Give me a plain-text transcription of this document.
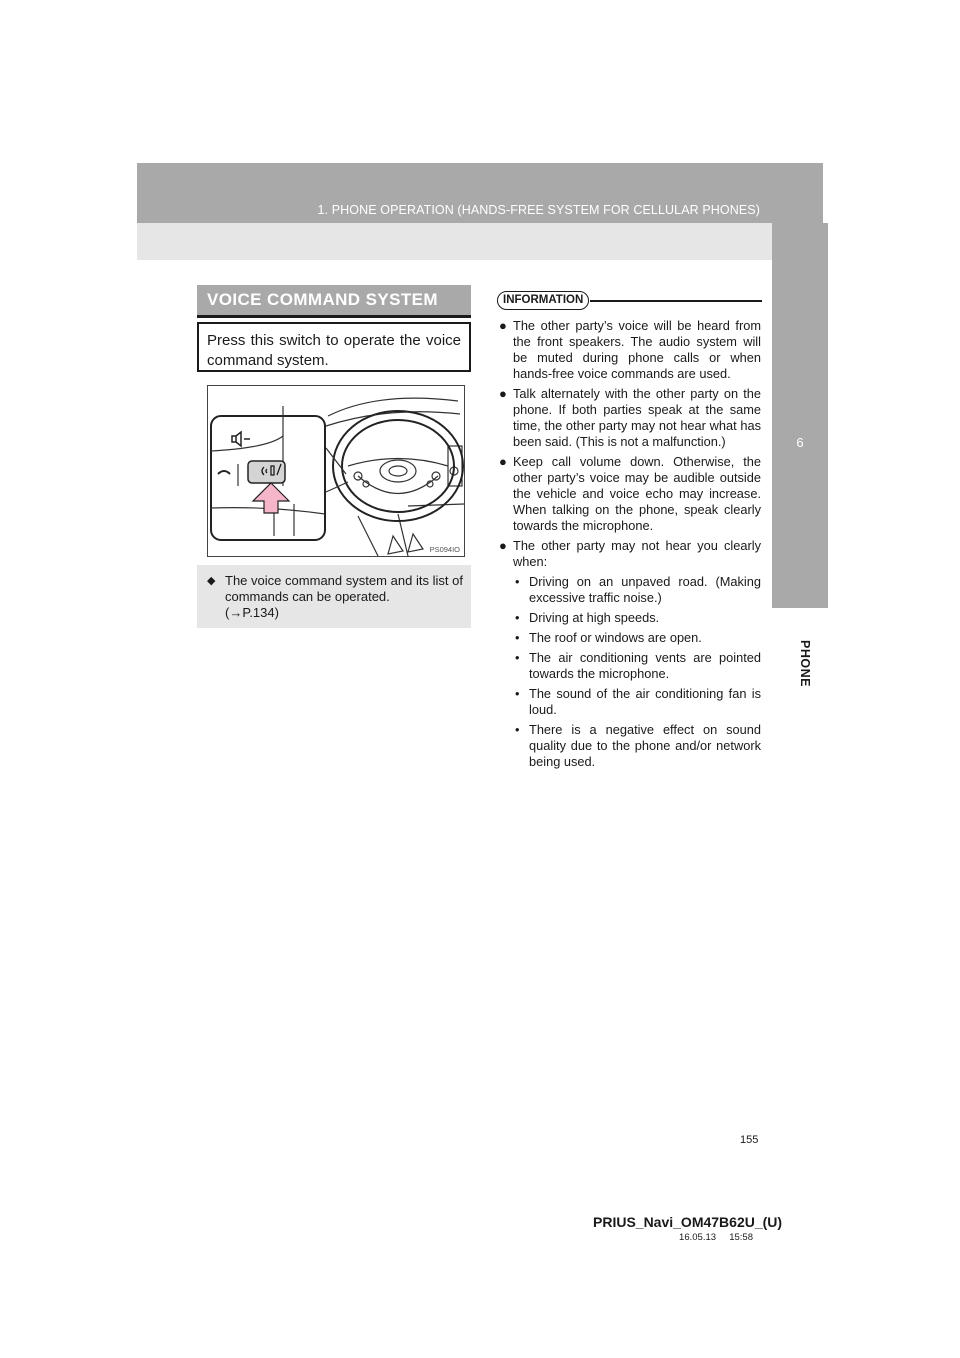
1. PHONE OPERATION (HANDS-FREE SYSTEM FOR CELLULAR PHONES)
6
PHONE
VOICE COMMAND SYSTEM
Press this switch to operate the voice command system.
PS094IO
◆ The voice command system and its list of commands can be operated.
(→P.134)
INFORMATION
● The other party’s voice will be heard from the front speakers. The audio system will be muted during phone calls or when hands-free voice commands are used.
● Talk alternately with the other party on the phone. If both parties speak at the same time, the other party may not hear what has been said. (This is not a malfunction.)
● Keep call volume down. Otherwise, the other party’s voice may be audible outside the vehicle and voice echo may increase. When talking on the phone, speak clearly towards the microphone.
● The other party may not hear you clearly when:
• Driving on an unpaved road. (Making excessive traffic noise.)
• Driving at high speeds.
• The roof or windows are open.
• The air conditioning vents are pointed towards the microphone.
• The sound of the air conditioning fan is loud.
• There is a negative effect on sound quality due to the phone and/or network being used.
155
PRIUS_Navi_OM47B62U_(U)
16.05.13     15:58
